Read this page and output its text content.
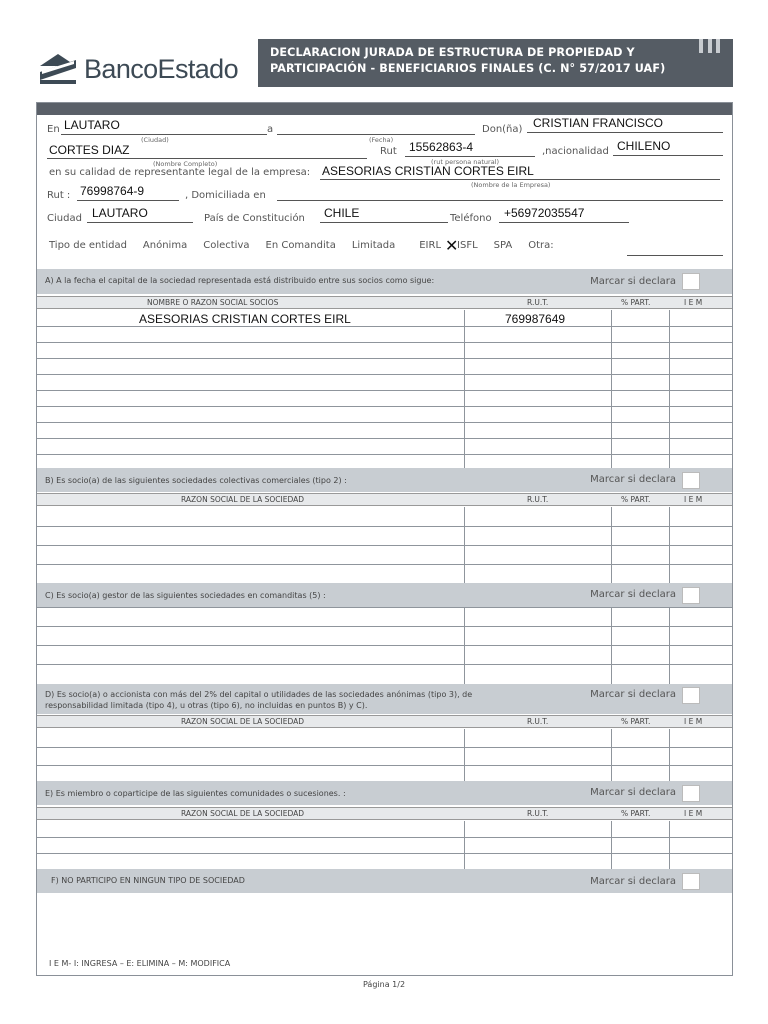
BancoEstado
DECLARACION JURADA DE ESTRUCTURA DE PROPIEDAD Y
PARTICIPACIÓN - BENEFICIARIOS FINALES (C. N° 57/2017 UAF)
En LAUTARO
(Ciudad)
a
(Fecha)
Don(ña) CRISTIAN FRANCISCO
CORTES DIAZ
(Nombre Completo)
Rut 15562863-4
(rut persona natural)
,nacionalidad CHILENO
en su calidad de representante legal de la empresa: ASESORIAS CRISTIAN CORTES EIRL
(Nombre de la Empresa)
Rut : 76998764-9	, Domiciliada en
Ciudad LAUTARO	País de Constitución CHILE	Teléfono +56972035547
Tipo de entidad Anónima Colectiva En Comandita Limitada EIRL ISFL SPA Otra:
✕
A) A la fecha el capital de la sociedad representada está distribuido entre sus socios como sigue:	Marcar si declara
NOMBRE O RAZON SOCIAL SOCIOS	R.U.T.	% PART.	I E M
ASESORIAS CRISTIAN CORTES EIRL	769987649
B) Es socio(a) de las siguientes sociedades colectivas comerciales (tipo 2) :	Marcar si declara
RAZON SOCIAL DE LA SOCIEDAD	R.U.T.	% PART.	I E M
C) Es socio(a) gestor de las siguientes sociedades en comanditas (5) :	Marcar si declara
D) Es socio(a) o accionista con más del 2% del capital o utilidades de las sociedades anónimas (tipo 3), de
responsabilidad limitada (tipo 4), u otras (tipo 6), no incluidas en puntos B) y C).
Marcar si declara
RAZON SOCIAL DE LA SOCIEDAD	R.U.T.	% PART.	I E M
E) Es miembro o coparticipe de las siguientes comunidades o sucesiones. :	Marcar si declara
RAZON SOCIAL DE LA SOCIEDAD	R.U.T.	% PART.	I E M
F) NO PARTICIPO EN NINGUN TIPO DE SOCIEDAD	Marcar si declara
I E M- I: INGRESA – E: ELIMINA – M: MODIFICA
Página 1/2
